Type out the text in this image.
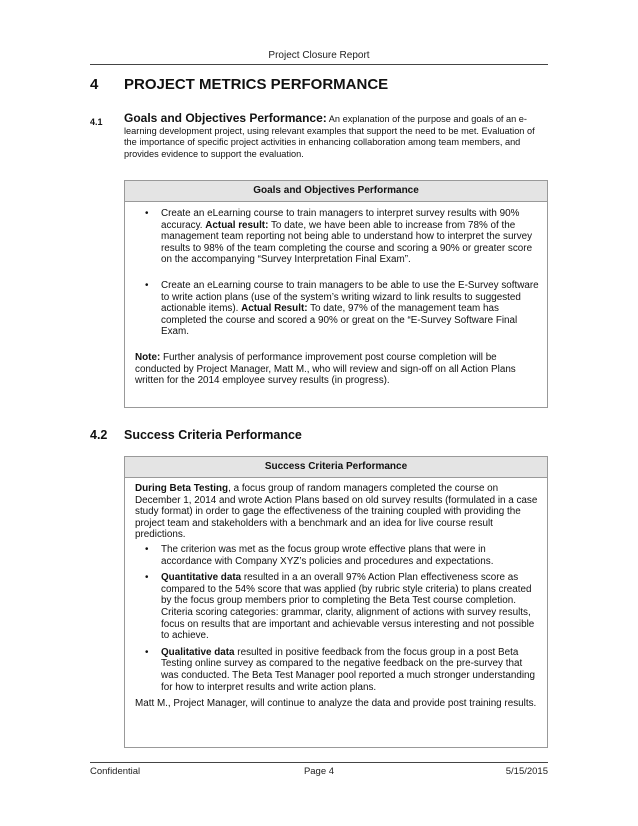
Project Closure Report
4 PROJECT METRICS PERFORMANCE
4.1 Goals and Objectives Performance: An explanation of the purpose and goals of an e-learning development project, using relevant examples that support the need to be met. Evaluation of the importance of specific project activities in enhancing collaboration among team members, and provides evidence to support the evaluation.
Goals and Objectives Performance
• Create an eLearning course to train managers to interpret survey results with 90% accuracy. Actual result: To date, we have been able to increase from 78% of the management team reporting not being able to understand how to interpret the survey results to 98% of the team completing the course and scoring a 90% or greater score on the accompanying “Survey Interpretation Final Exam”.
• Create an eLearning course to train managers to be able to use the E-Survey software to write action plans (use of the system’s writing wizard to link results to suggested actionable items). Actual Result: To date, 97% of the management team has completed the course and scored a 90% or great on the “E-Survey Software Final Exam.

Note: Further analysis of performance improvement post course completion will be conducted by Project Manager, Matt M., who will review and sign-off on all Action Plans written for the 2014 employee survey results (in progress).

4.2 Success Criteria Performance
Success Criteria Performance

During Beta Testing, a focus group of random managers completed the course on December 1, 2014 and wrote Action Plans based on old survey results (formulated in a case study format) in order to gage the effectiveness of the training coupled with providing the project team and stakeholders with a benchmark and an idea for live course result predictions.

• The criterion was met as the focus group wrote effective plans that were in accordance with Company XYZ’s policies and procedures and expectations.
• Quantitative data resulted in a an overall 97% Action Plan effectiveness score as compared to the 54% score that was applied (by rubric style criteria) to plans created by the focus group members prior to completing the Beta Test course completion. Criteria scoring categories: grammar, clarity, alignment of actions with survey results, focus on results that are important and achievable versus interesting and not possible to achieve.
• Qualitative data resulted in positive feedback from the focus group in a post Beta Testing online survey as compared to the negative feedback on the pre-survey that was conducted. The Beta Test Manager pool reported a much stronger understanding for how to interpret results and write action plans.

Matt M., Project Manager, will continue to analyze the data and provide post training results.

Confidential	Page 4	5/15/2015
